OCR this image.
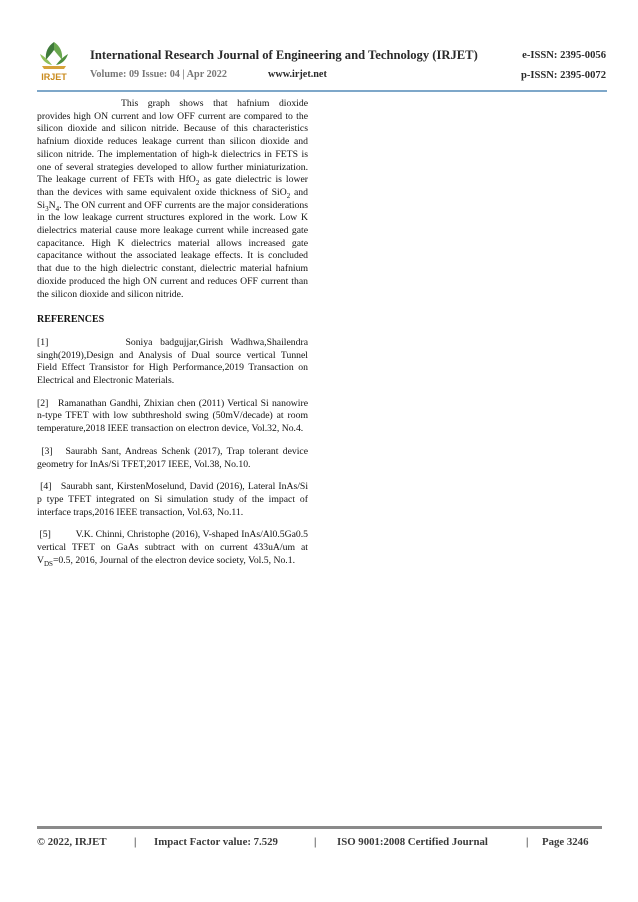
IRJET
International Research Journal of Engineering and Technology (IRJET)	e-ISSN: 2395-0056
Volume: 09 Issue: 04 | Apr 2022	www.irjet.net	p-ISSN: 2395-0072

This graph shows that hafnium dioxide provides high ON current and low OFF current are compared to the silicon dioxide and silicon nitride. Because of this characteristics hafnium dioxide reduces leakage current than silicon dioxide and silicon nitride. The implementation of high-k dielectrics in FETS is one of several strategies developed to allow further miniaturization. The leakage current of FETs with HfO$_2$ as gate dielectric is lower than the devices with same equivalent oxide thickness of SiO$_2$ and $Si_3N_4$. The ON current and OFF currents are the major considerations in the low leakage current structures explored in the work. Low K dielectrics material cause more leakage current while increased gate capacitance. High K dielectrics material allows increased gate capacitance without the associated leakage effects. It is concluded that due to the high dielectric constant, dielectric material hafnium dioxide produced the high ON current and reduces OFF current than the silicon dioxide and silicon nitride.

REFERENCES

[1]          Soniya badgujjar,Girish Wadhwa,Shailendra singh(2019),Design and Analysis of Dual source vertical Tunnel Field Effect Transistor for High Performance,2019 Transaction on Electrical and Electronic Materials.

[2]   Ramanathan Gandhi, Zhixian chen (2011) Vertical Si nanowire n-type TFET with low subthreshold swing (50mV/decade) at room temperature,2018 IEEE transaction on electron device, Vol.32, No.4.

[3]   Saurabh Sant, Andreas Schenk (2017), Trap tolerant device geometry for InAs/Si TFET,2017 IEEE, Vol.38, No.10.

[4]   Saurabh sant, KirstenMoselund, David (2016), Lateral InAs/Si p type TFET integrated on Si simulation study of the impact of interface traps,2016 IEEE transaction, Vol.63, No.11.

[5]          V.K. Chinni, Christophe (2016), V-shaped InAs/Al0.5Ga0.5 vertical TFET on GaAs subtract with on current 433uA/um at $V_{DS}=0.5$, 2016, Journal of the electron device society, Vol.5, No.1.

© 2022, IRJET	| Impact Factor value: 7.529	| ISO 9001:2008 Certified Journal	| Page 3246
